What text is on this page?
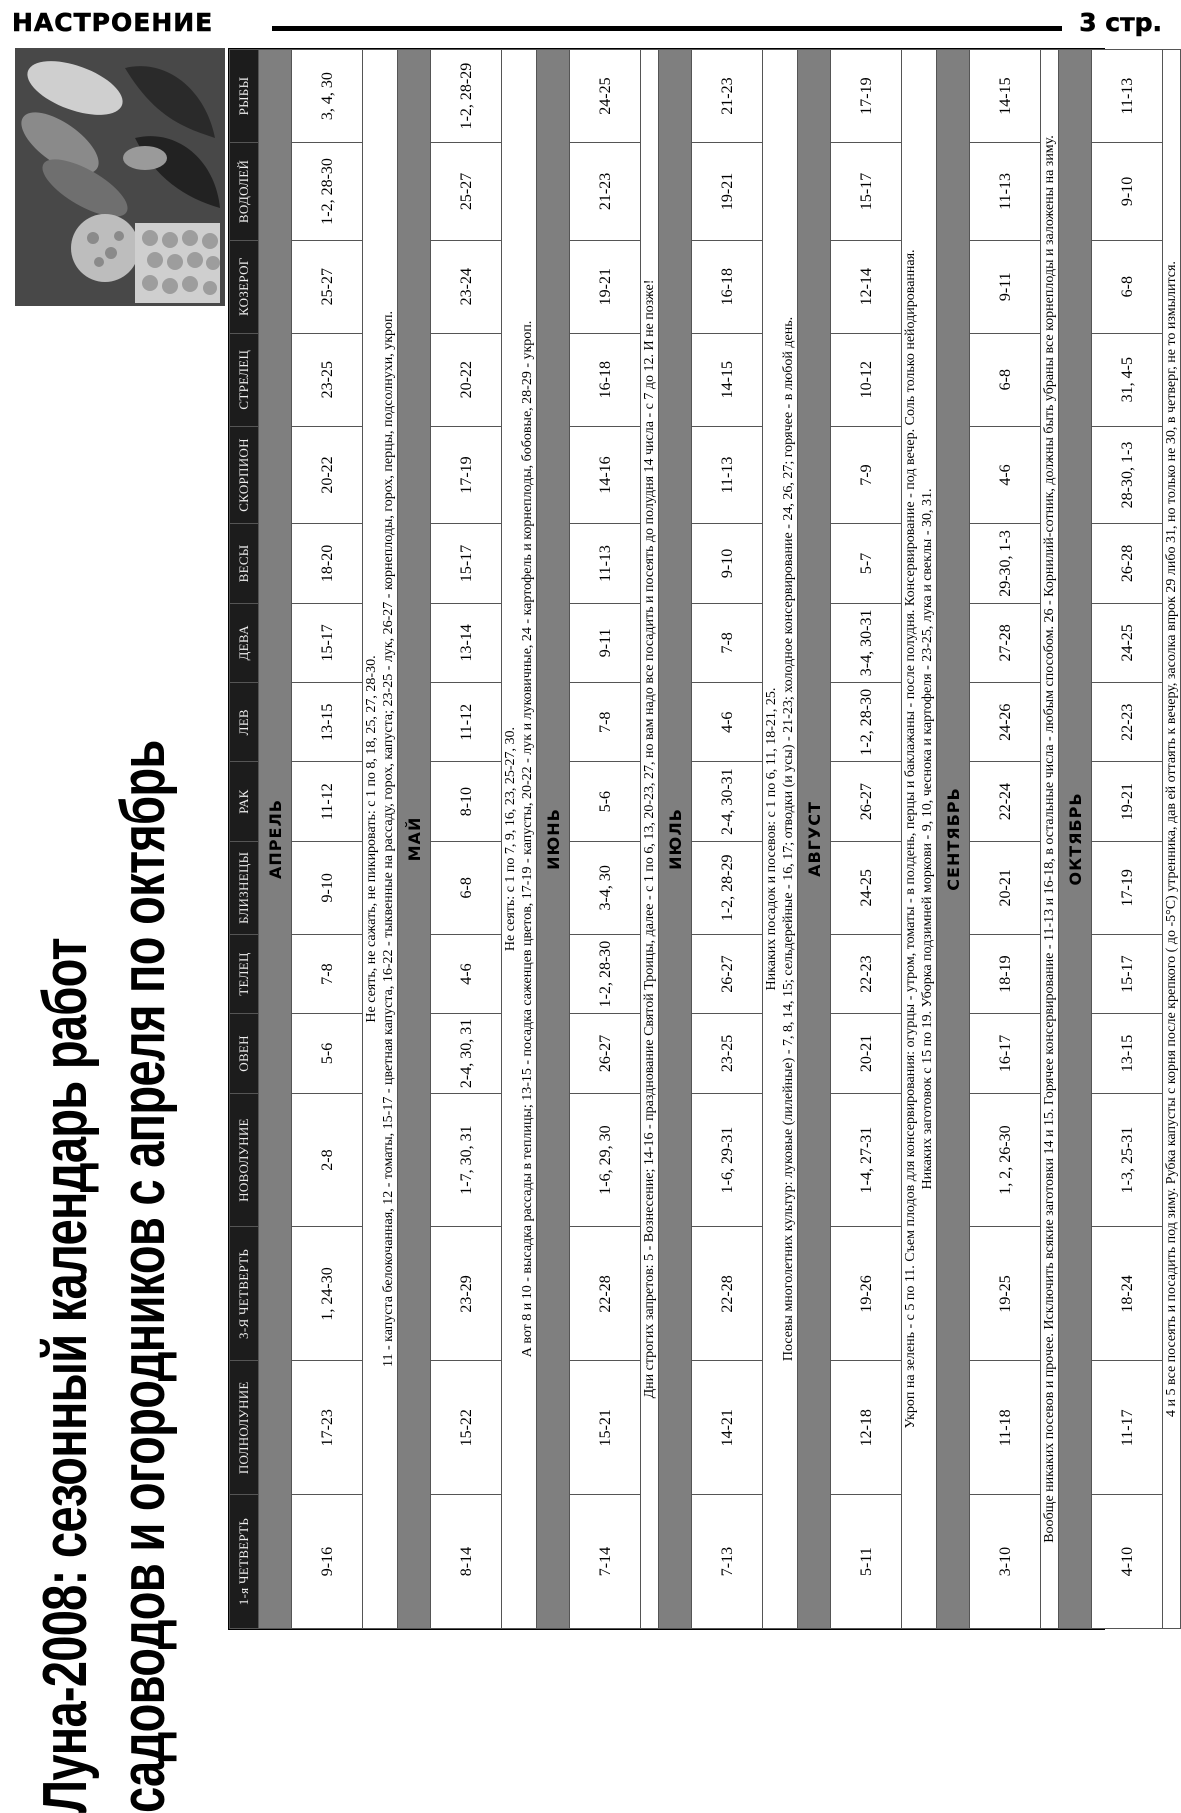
НАСТРОЕНИЕ	3 стр.
Луна-2008: сезонный календарь работ садоводов и огородников с апреля по октябрь	1-я ЧЕТВЕРТЬ	ПОЛНОЛУНИЕ	3-Я ЧЕТВЕРТЬ	НОВОЛУНИЕ	ОВЕН	ТЕЛЕЦ	БЛИЗНЕЦЫ	РАК	ЛЕВ	ДЕВА	ВЕСЫ	СКОРПИОН	СТРЕЛЕЦ	КОЗЕРОГ	ВОДОЛЕЙ	РЫБЫ
АПРЕЛЬ															
9-16	17-23	1, 24-30	2-8	5-6	7-8	9-10	11-12	13-15	15-17	18-20	20-22	23-25	25-27	1-2, 28-30	3, 4, 30

Не сеять, не сажать, не пикировать: с 1 по 8, 18, 25, 27, 28-30. 11 - капуста белокочанная, 12 - томаты, 15-17 - цветная капуста, 16-22 - тыквенные на рассаду, горох, капуста; 23-25 - лук, 26-27 - корнеплоды, горох, перцы, подсолнухи, укроп.															

МАЙ															
8-14	15-22	23-29	1-7, 30, 31	2-4, 30, 31	4-6	6-8	8-10	11-12	13-14	15-17	17-19	20-22	23-24	25-27	1-2, 28-29

Не сеять: с 1 по 7, 9, 16, 23, 25-27, 30. А вот 8 и 10 - высадка рассады в теплицы; 13-15 - посадка саженцев цветов, 17-19 - капусты, 20-22 - лук и луковичные, 24 - картофель и корнеплоды, бобовые, 28-29 - укроп.															

ИЮНЬ															
7-14	15-21	22-28	1-6, 29, 30	26-27	1-2, 28-30	3-4, 30	5-6	7-8	9-11	11-13	14-16	16-18	19-21	21-23	24-25

Дни строгих запретов: 5 - Вознесение; 14-16 - празднование Святой Троицы, далее - с 1 по 6, 13, 20-23, 27, но вам надо все посадить и посеять до полудня 14 числа - с 7 до 12. И не позже!															

ИЮЛЬ															
7-13	14-21	22-28	1-6, 29-31	23-25	26-27	1-2, 28-29	2-4, 30-31	4-6	7-8	9-10	11-13	14-15	16-18	19-21	21-23

Никаких посадок и посевов: с 1 по 6, 11, 18-21, 25. Посевы многолетних культур: луковые (лилейные) - 7, 8, 14, 15; сельдерейные - 16, 17; отводки (и усы) - 21-23; холодное консервирование - 24, 26, 27; горячее - в любой день.															

АВГУСТ															
5-11	12-18	19-26	1-4, 27-31	20-21	22-23	24-25	26-27	1-2, 28-30	3-4, 30-31	5-7	7-9	10-12	12-14	15-17	17-19

Укроп на зелень - с 5 по 11. Съем плодов для консервирования: огурцы - утром, томаты - в полдень, перцы и баклажаны - после полудня. Консервирование - под вечер. Соль только нейодированная. Никаких заготовок с 15 по 19. Уборка подзимней моркови - 9, 10, чеснока и картофеля - 23-25, лука и свеклы - 30, 31.															

СЕНТЯБРЬ															
3-10	11-18	19-25	1, 2, 26-30	16-17	18-19	20-21	22-24	24-26	27-28	29-30, 1-3	4-6	6-8	9-11	11-13	14-15

Вообще никаких посевов и прочее. Исключить всякие заготовки 14 и 15. Горячее консервирование - 11-13 и 16-18, в остальные числа - любым способом. 26 - Корнилий-сотник, должны быть убраны все корнеплоды и заложены на зиму.															

ОКТЯБРЬ															
4-10	11-17	18-24	1-3, 25-31	13-15	15-17	17-19	19-21	22-23	24-25	26-28	28-30, 1-3	31, 4-5	6-8	9-10	11-13

4 и 5 все посеять и посадить под зиму. Рубка капусты с корня после крепкого ( до -5°С) утренника, дав ей оттаять к вечеру, засолка впрок 29 либо 31, но только не 30, в четверг, не то измылится.															
